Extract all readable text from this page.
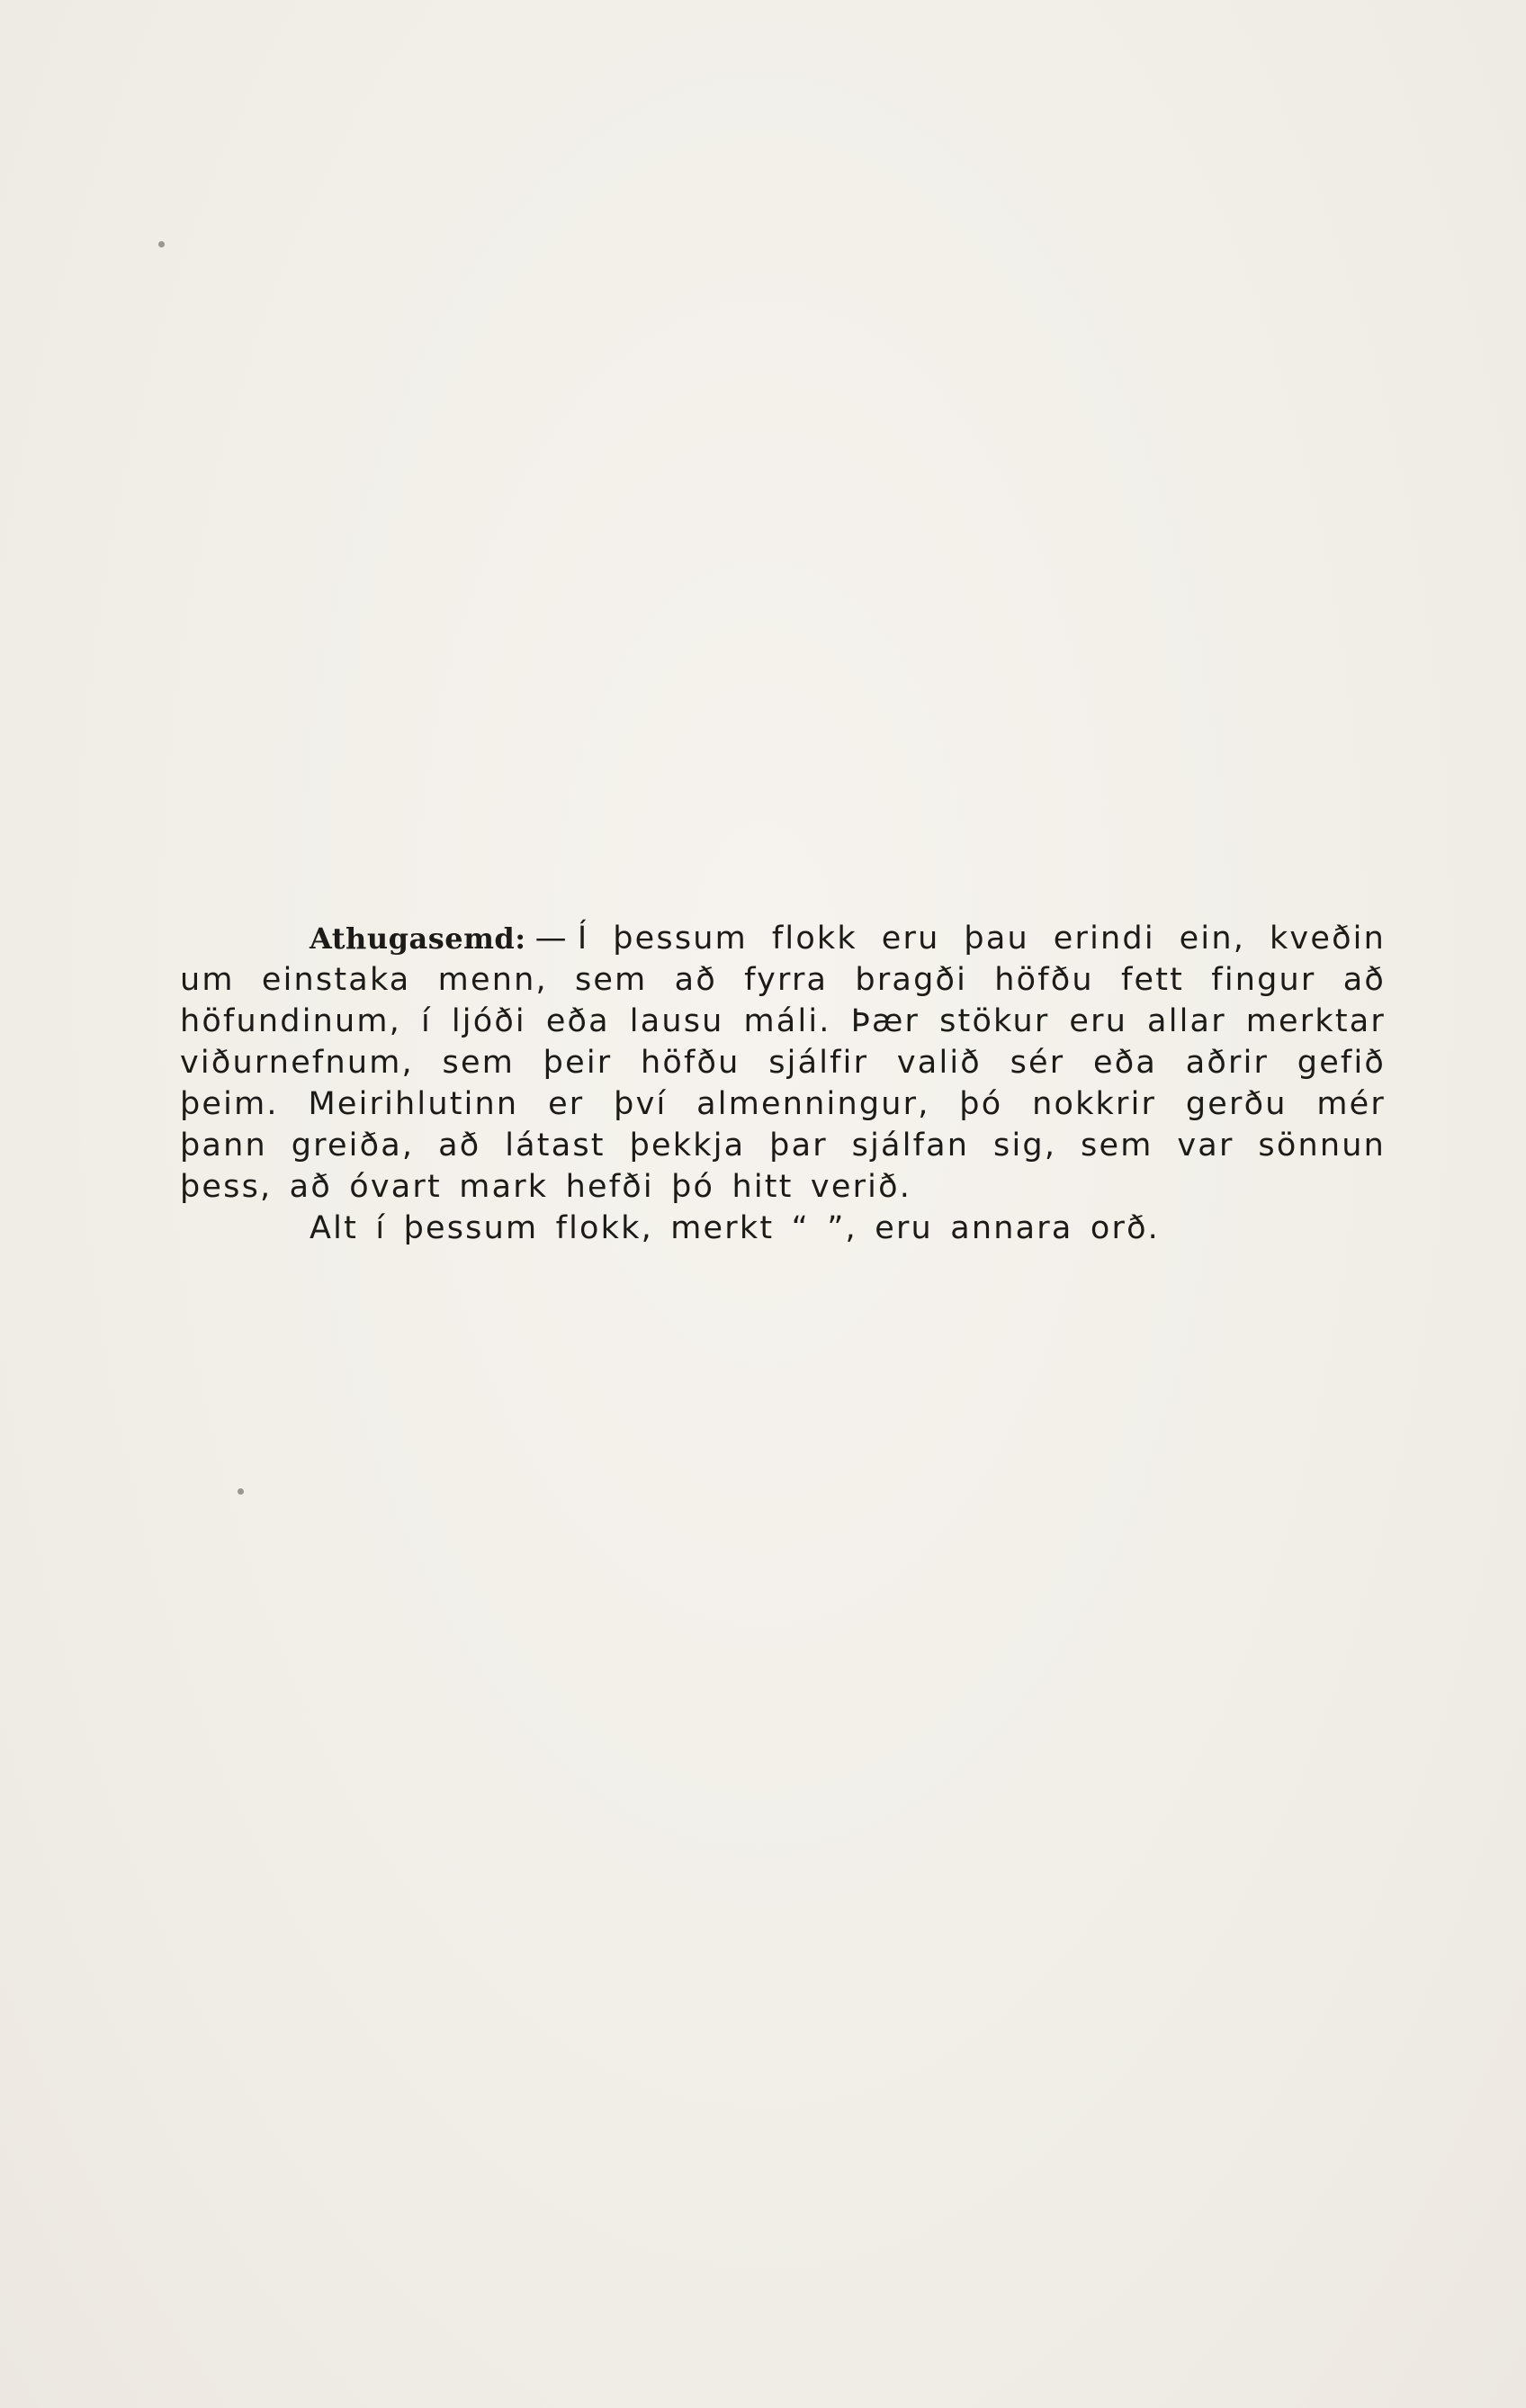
Athugasemd: — Í þessum flokk eru þau erindi ein, kveðin um einstaka menn, sem að fyrra bragði höfðu fett fingur að höfundinum, í ljóði eða lausu máli. Þær stökur eru allar merktar viðurnefnum, sem þeir höfðu sjálfir valið sér eða aðrir gefið þeim. Meirihlutinn er því almenningur, þó nokkrir gerðu mér þann greiða, að látast þekkja þar sjálfan sig, sem var sönnun þess, að óvart mark hefði þó hitt verið.

Alt í þessum flokk, merkt “ ”, eru annara orð.
